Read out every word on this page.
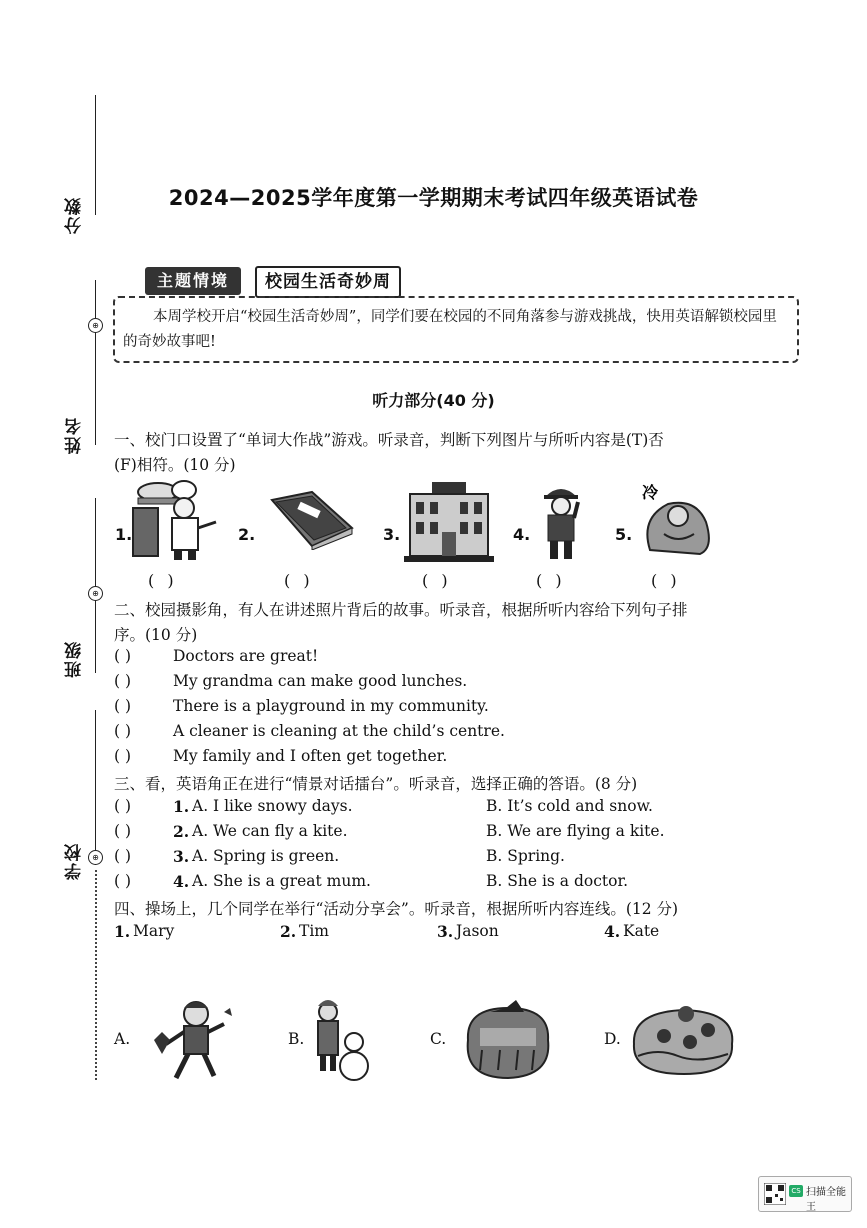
分数
⊕
姓名
⊕
班级
⊕
学校
2024—2025学年度第一学期期末考试四年级英语试卷
主题情境	校园生活奇妙周
本周学校开启“校园生活奇妙周”，同学们要在校园的不同角落参与游戏挑战，快用英语解锁校园里的奇妙故事吧!
听力部分(40 分)
一、校门口设置了“单词大作战”游戏。听录音，判断下列图片与所听内容是(T)否
(F)相符。(10 分)
1.	2.	3.	4.	5.
冷
( )	( )	( )	( )	( )
二、校园摄影角，有人在讲述照片背后的故事。听录音，根据所听内容给下列句子排
序。(10 分)
( )	Doctors are great!
( )	My grandma can make good lunches.
( )	There is a playground in my community.
( )	A cleaner is cleaning at the child’s centre.
( )	My family and I often get together.
三、看，英语角正在进行“情景对话擂台”。听录音，选择正确的答语。(8 分)
( )	1. A. I like snowy days.	B. It’s cold and snow.
( )	2. A. We can fly a kite.	B. We are flying a kite.
( )	3. A. Spring is green.	B. Spring.
( )	4. A. She is a great mum.	B. She is a doctor.
四、操场上，几个同学在举行“活动分享会”。听录音，根据所听内容连线。(12 分)
1. Mary	2. Tim	3. Jason	4. Kate
A.	B.	C.	D.
CS 扫描全能王
